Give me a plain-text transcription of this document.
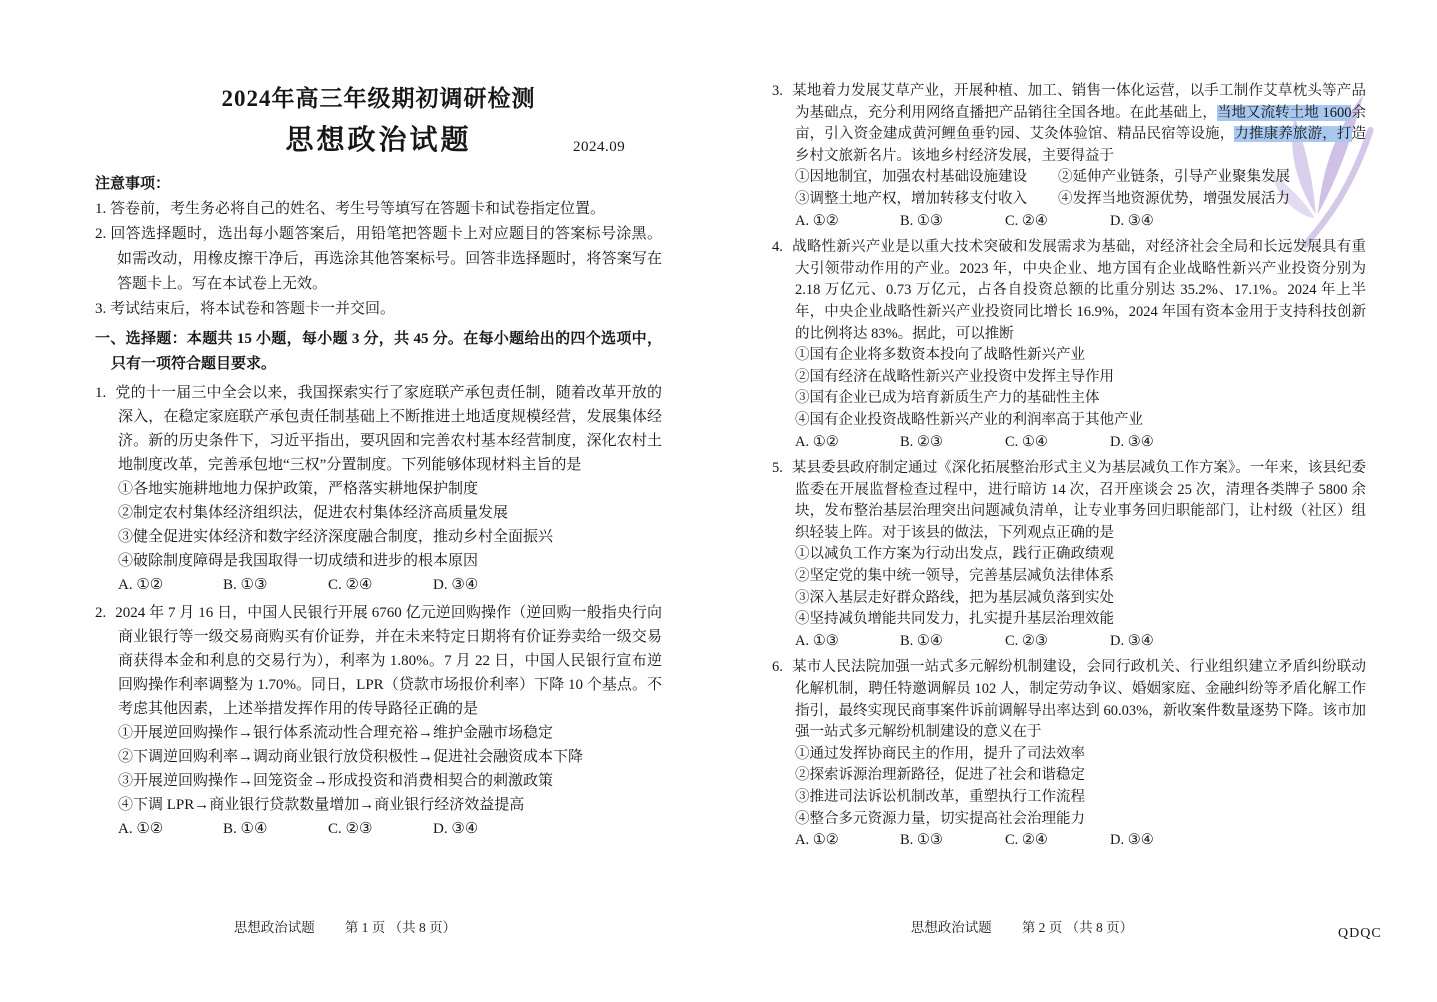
2024年高三年级期初调研检测
思想政治试题	2024.09
注意事项：
1. 答卷前，考生务必将自己的姓名、考生号等填写在答题卡和试卷指定位置。
2. 回答选择题时，选出每小题答案后，用铅笔把答题卡上对应题目的答案标号涂黑。如需改动，用橡皮擦干净后，再选涂其他答案标号。回答非选择题时，将答案写在答题卡上。写在本试卷上无效。
3. 考试结束后，将本试卷和答题卡一并交回。
一、选择题：本题共 15 小题，每小题 3 分，共 45 分。在每小题给出的四个选项中，只有一项符合题目要求。
1. 党的十一届三中全会以来，我国探索实行了家庭联产承包责任制，随着改革开放的深入，在稳定家庭联产承包责任制基础上不断推进土地适度规模经营，发展集体经济。新的历史条件下，习近平指出，要巩固和完善农村基本经营制度，深化农村土地制度改革，完善承包地“三权”分置制度。下列能够体现材料主旨的是
①各地实施耕地地力保护政策，严格落实耕地保护制度
②制定农村集体经济组织法，促进农村集体经济高质量发展
③健全促进实体经济和数字经济深度融合制度，推动乡村全面振兴
④破除制度障碍是我国取得一切成绩和进步的根本原因
A. ①②	B. ①③	C. ②④	D. ③④
2. 2024 年 7 月 16 日，中国人民银行开展 6760 亿元逆回购操作（逆回购一般指央行向商业银行等一级交易商购买有价证券，并在未来特定日期将有价证券卖给一级交易商获得本金和利息的交易行为），利率为 1.80%。7 月 22 日，中国人民银行宣布逆回购操作利率调整为 1.70%。同日，LPR（贷款市场报价利率）下降 10 个基点。不考虑其他因素，上述举措发挥作用的传导路径正确的是
①开展逆回购操作→银行体系流动性合理充裕→维护金融市场稳定
②下调逆回购利率→调动商业银行放贷积极性→促进社会融资成本下降
③开展逆回购操作→回笼资金→形成投资和消费相契合的刺激政策
④下调 LPR→商业银行贷款数量增加→商业银行经济效益提高
A. ①②	B. ①④	C. ②③	D. ③④
3. 某地着力发展艾草产业，开展种植、加工、销售一体化运营，以手工制作艾草枕头等产品为基础点，充分利用网络直播把产品销往全国各地。在此基础上，当地又流转土地 1600余亩，引入资金建成黄河鲤鱼垂钓园、艾灸体验馆、精品民宿等设施，力推康养旅游，打造乡村文旅新名片。该地乡村经济发展，主要得益于
①因地制宜，加强农村基础设施建设	②延伸产业链条，引导产业聚集发展
③调整土地产权，增加转移支付收入	④发挥当地资源优势，增强发展活力
A. ①②	B. ①③	C. ②④	D. ③④
4. 战略性新兴产业是以重大技术突破和发展需求为基础，对经济社会全局和长远发展具有重大引领带动作用的产业。2023 年，中央企业、地方国有企业战略性新兴产业投资分别为 2.18 万亿元、0.73 万亿元，占各自投资总额的比重分别达 35.2%、17.1%。2024 年上半年，中央企业战略性新兴产业投资同比增长 16.9%，2024 年国有资本金用于支持科技创新的比例将达 83%。据此，可以推断
①国有企业将多数资本投向了战略性新兴产业
②国有经济在战略性新兴产业投资中发挥主导作用
③国有企业已成为培育新质生产力的基础性主体
④国有企业投资战略性新兴产业的利润率高于其他产业
A. ①②	B. ②③	C. ①④	D. ③④
5. 某县委县政府制定通过《深化拓展整治形式主义为基层减负工作方案》。一年来，该县纪委监委在开展监督检查过程中，进行暗访 14 次，召开座谈会 25 次，清理各类牌子 5800 余块，发布整治基层治理突出问题减负清单，让专业事务回归职能部门，让村级（社区）组织轻装上阵。对于该县的做法，下列观点正确的是
①以减负工作方案为行动出发点，践行正确政绩观
②坚定党的集中统一领导，完善基层减负法律体系
③深入基层走好群众路线，把为基层减负落到实处
④坚持减负增能共同发力，扎实提升基层治理效能
A. ①③	B. ①④	C. ②③	D. ③④
6. 某市人民法院加强一站式多元解纷机制建设，会同行政机关、行业组织建立矛盾纠纷联动化解机制，聘任特邀调解员 102 人，制定劳动争议、婚姻家庭、金融纠纷等矛盾化解工作指引，最终实现民商事案件诉前调解导出率达到 60.03%，新收案件数量逐势下降。该市加强一站式多元解纷机制建设的意义在于
①通过发挥协商民主的作用，提升了司法效率
②探索诉源治理新路径，促进了社会和谐稳定
③推进司法诉讼机制改革，重塑执行工作流程
④整合多元资源力量，切实提高社会治理能力
A. ①②	B. ①③	C. ②④	D. ③④
思想政治试题 第 1 页 （共 8 页）	思想政治试题 第 2 页 （共 8 页）	QDQC
